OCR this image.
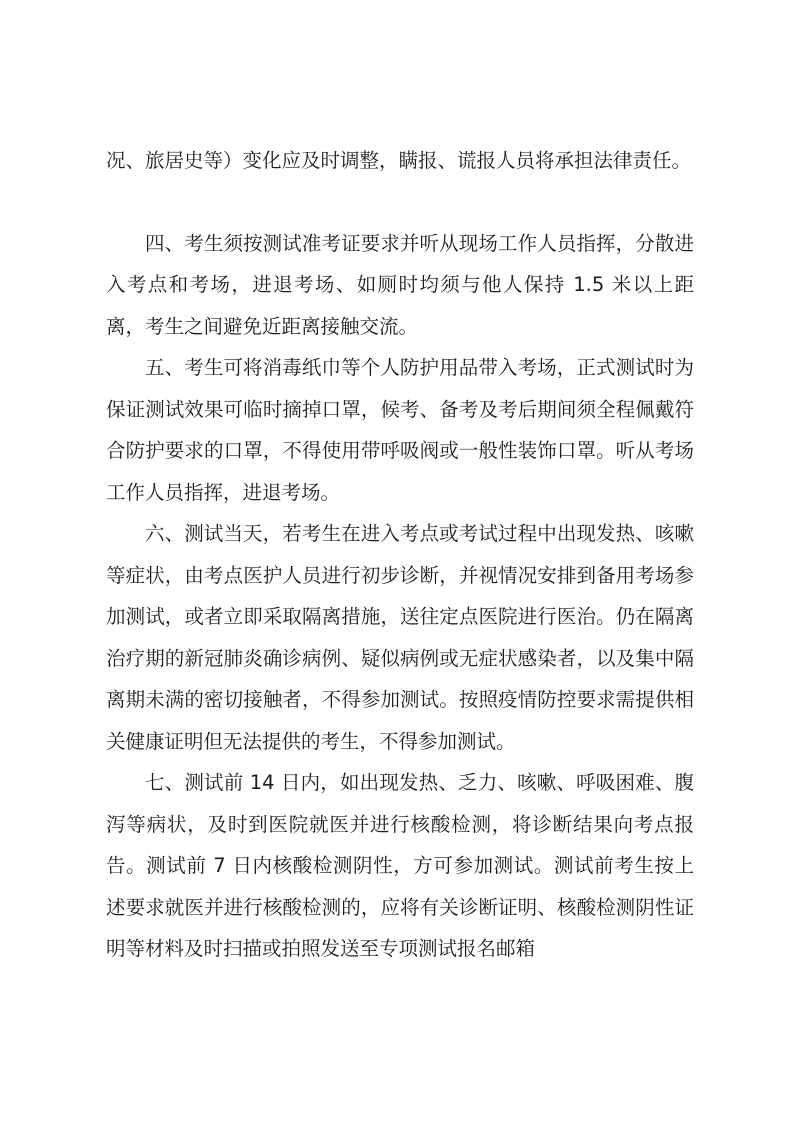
况、旅居史等）变化应及时调整，瞒报、谎报人员将承担法律责任。

四、考生须按测试准考证要求并听从现场工作人员指挥，分散进入考点和考场，进退考场、如厕时均须与他人保持 1.5 米以上距离，考生之间避免近距离接触交流。

五、考生可将消毒纸巾等个人防护用品带入考场，正式测试时为保证测试效果可临时摘掉口罩，候考、备考及考后期间须全程佩戴符合防护要求的口罩，不得使用带呼吸阀或一般性装饰口罩。听从考场工作人员指挥，进退考场。

六、测试当天，若考生在进入考点或考试过程中出现发热、咳嗽等症状，由考点医护人员进行初步诊断，并视情况安排到备用考场参加测试，或者立即采取隔离措施，送往定点医院进行医治。仍在隔离治疗期的新冠肺炎确诊病例、疑似病例或无症状感染者，以及集中隔离期未满的密切接触者，不得参加测试。按照疫情防控要求需提供相关健康证明但无法提供的考生，不得参加测试。

七、测试前 14 日内，如出现发热、乏力、咳嗽、呼吸困难、腹泻等病状，及时到医院就医并进行核酸检测，将诊断结果向考点报告。测试前 7 日内核酸检测阴性，方可参加测试。测试前考生按上述要求就医并进行核酸检测的，应将有关诊断证明、核酸检测阴性证明等材料及时扫描或拍照发送至专项测试报名邮箱
